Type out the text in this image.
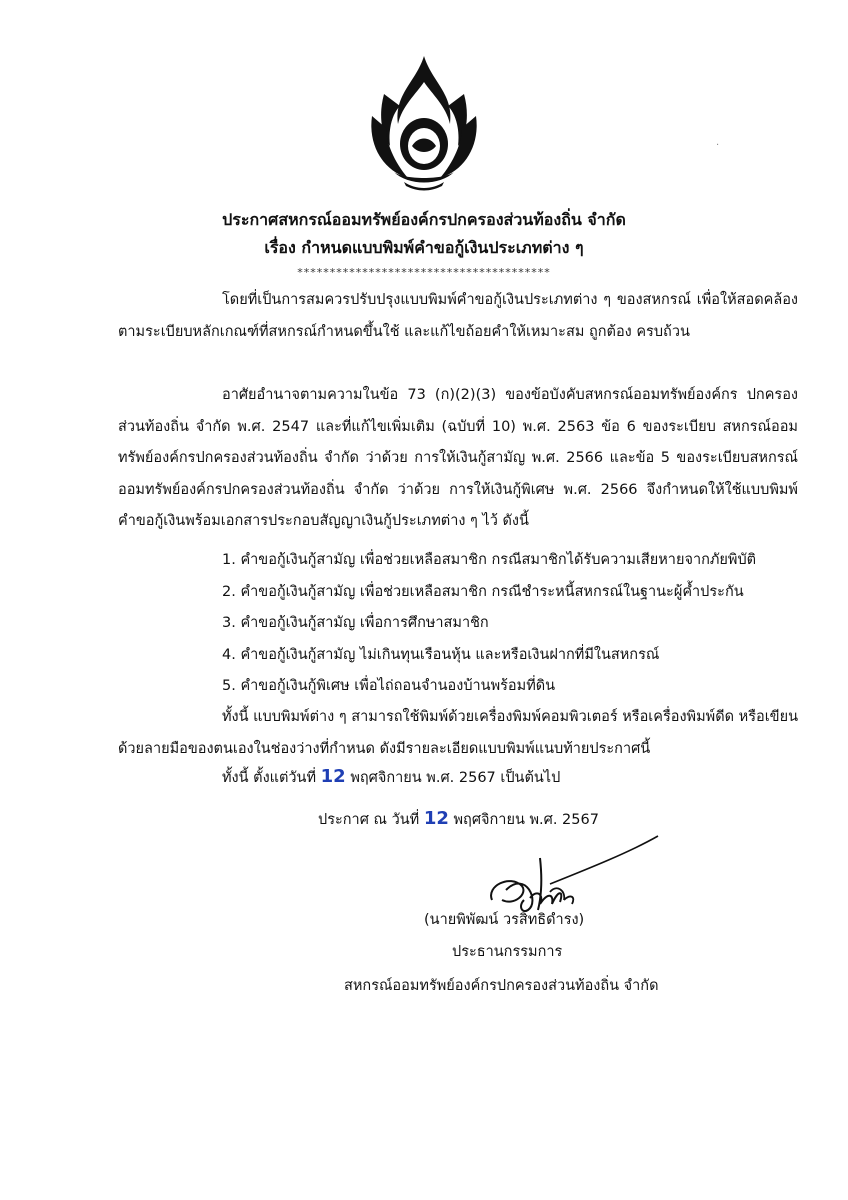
ประกาศสหกรณ์ออมทรัพย์องค์กรปกครองส่วนท้องถิ่น จำกัด
เรื่อง กำหนดแบบพิมพ์คำขอกู้เงินประเภทต่าง ๆ
***************************************
โดยที่เป็นการสมควรปรับปรุงแบบพิมพ์คำขอกู้เงินประเภทต่าง ๆ ของสหกรณ์ เพื่อให้สอดคล้องตามระเบียบหลักเกณฑ์ที่สหกรณ์กำหนดขึ้นใช้ และแก้ไขถ้อยคำให้เหมาะสม ถูกต้อง ครบถ้วน
อาศัยอำนาจตามความในข้อ 73 (ก)(2)(3) ของข้อบังคับสหกรณ์ออมทรัพย์องค์กร ปกครองส่วนท้องถิ่น จำกัด พ.ศ. 2547 และที่แก้ไขเพิ่มเติม (ฉบับที่ 10) พ.ศ. 2563 ข้อ 6 ของระเบียบ สหกรณ์ออมทรัพย์องค์กรปกครองส่วนท้องถิ่น จำกัด ว่าด้วย การให้เงินกู้สามัญ พ.ศ. 2566 และข้อ 5 ของระเบียบสหกรณ์ออมทรัพย์องค์กรปกครองส่วนท้องถิ่น จำกัด ว่าด้วย การให้เงินกู้พิเศษ พ.ศ. 2566 จึงกำหนดให้ใช้แบบพิมพ์คำขอกู้เงินพร้อมเอกสารประกอบสัญญาเงินกู้ประเภทต่าง ๆ ไว้ ดังนี้
1. คำขอกู้เงินกู้สามัญ เพื่อช่วยเหลือสมาชิก กรณีสมาชิกได้รับความเสียหายจากภัยพิบัติ
2. คำขอกู้เงินกู้สามัญ เพื่อช่วยเหลือสมาชิก กรณีชำระหนี้สหกรณ์ในฐานะผู้ค้ำประกัน
3. คำขอกู้เงินกู้สามัญ เพื่อการศึกษาสมาชิก
4. คำขอกู้เงินกู้สามัญ ไม่เกินทุนเรือนหุ้น และหรือเงินฝากที่มีในสหกรณ์
5. คำขอกู้เงินกู้พิเศษ เพื่อไถ่ถอนจำนองบ้านพร้อมที่ดิน
ทั้งนี้ แบบพิมพ์ต่าง ๆ สามารถใช้พิมพ์ด้วยเครื่องพิมพ์คอมพิวเตอร์ หรือเครื่องพิมพ์ดีด หรือเขียนด้วยลายมือของตนเองในช่องว่างที่กำหนด ดังมีรายละเอียดแบบพิมพ์แนบท้ายประกาศนี้
ทั้งนี้ ตั้งแต่วันที่ 12 พฤศจิกายน พ.ศ. 2567 เป็นต้นไป
ประกาศ ณ วันที่ 12 พฤศจิกายน พ.ศ. 2567
(นายพิพัฒน์ วรสิทธิดำรง)
ประธานกรรมการ
สหกรณ์ออมทรัพย์องค์กรปกครองส่วนท้องถิ่น จำกัด
·
